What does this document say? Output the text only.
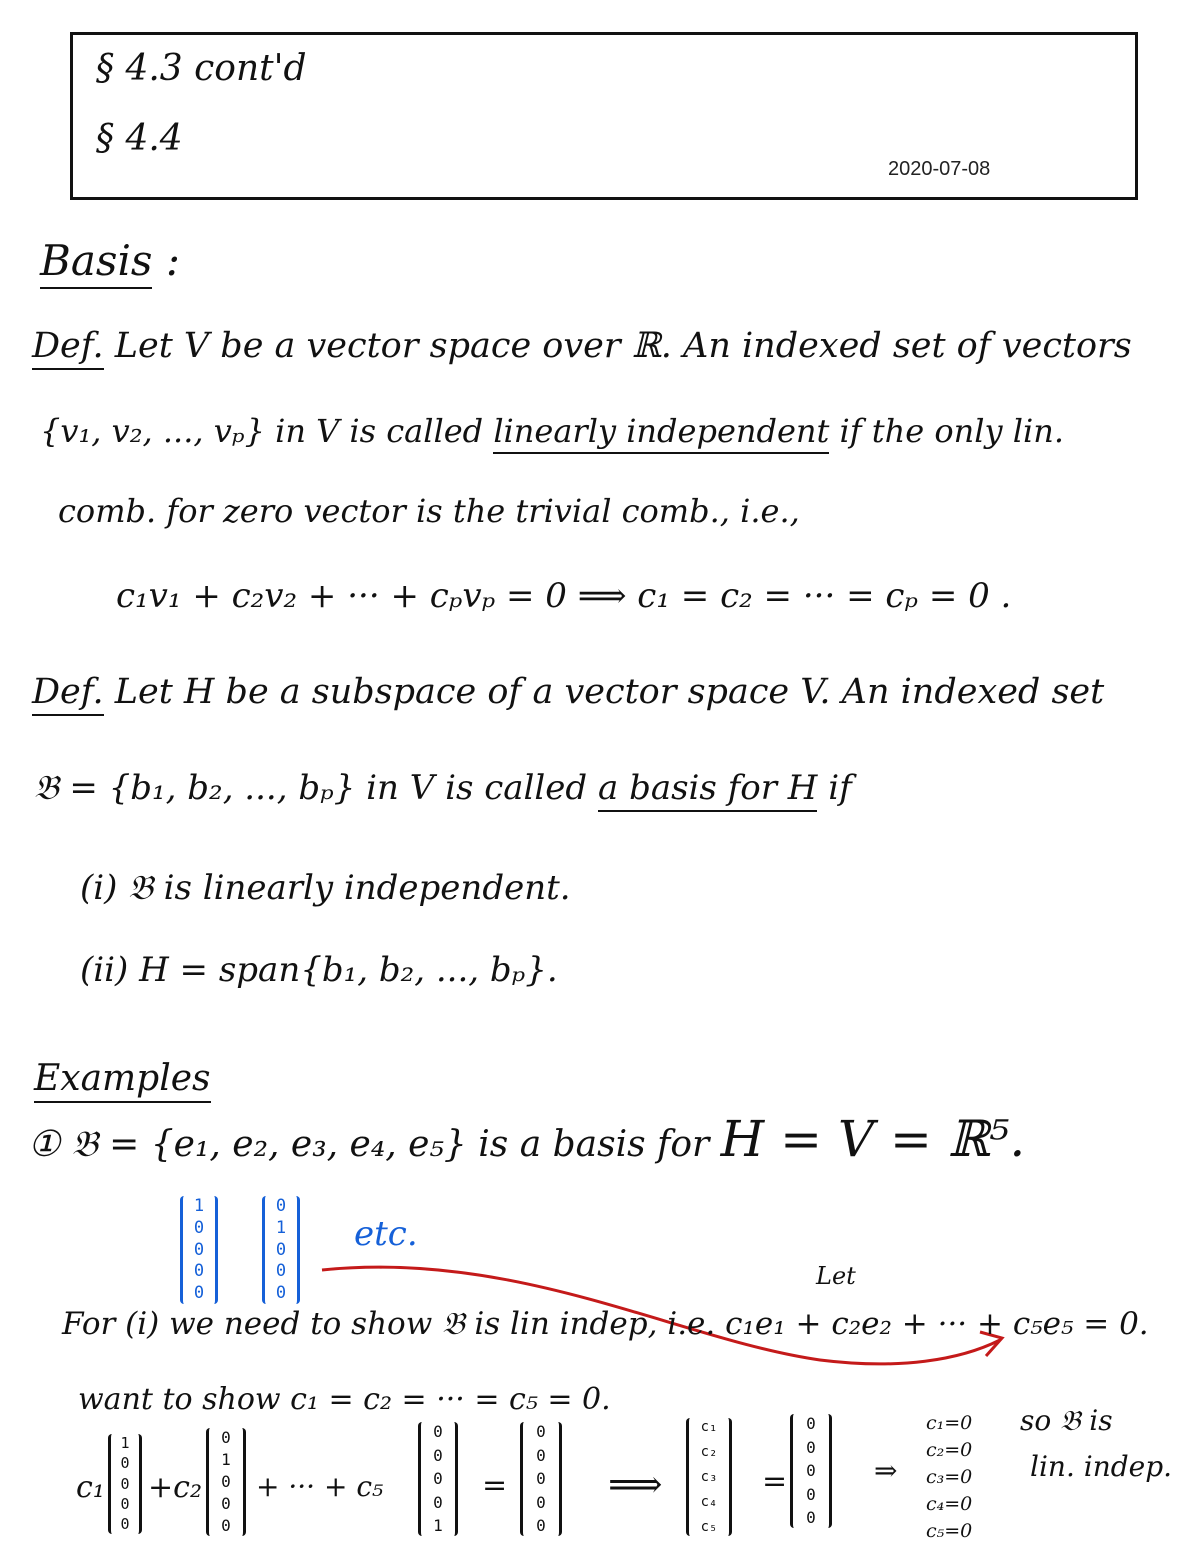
§ 4.3 cont'd
§ 4.4
2020-07-08
Basis :
Def. Let V be a vector space over ℝ. An indexed set of vectors
{v₁, v₂, ..., vₚ} in V is called linearly independent if the only lin.
comb. for zero vector is the trivial comb., i.e.,
c₁v₁ + c₂v₂ + ··· + cₚvₚ = 0 ⟹ c₁ = c₂ = ··· = cₚ = 0 .
Def. Let H be a subspace of a vector space V. An indexed set
𝔅 = {b₁, b₂, ..., bₚ} in V is called a basis for H if
(i) 𝔅 is linearly independent.
(ii) H = span{b₁, b₂, ..., bₚ}.
Examples
① 𝔅 = {e₁, e₂, e₃, e₄, e₅} is a basis for H = V = ℝ⁵.
1
0
0
0
0
0
1
0
0
0
etc.
Let
For (i) we need to show 𝔅 is lin indep, i.e. c₁e₁ + c₂e₂ + ··· + c₅e₅ = 0.
want to show c₁ = c₂ = ··· = c₅ = 0.
c₁
1
0
0
0
0
+c₂
0
1
0
0
0
+ ··· + c₅
0
0
0
0
1
=
0
0
0
0
0
⟹
c₁
c₂
c₃
c₄
c₅
=
0
0
0
0
0
⇒
c₁=0
c₂=0
c₃=0
c₄=0
c₅=0
so 𝔅 is
lin. indep.
